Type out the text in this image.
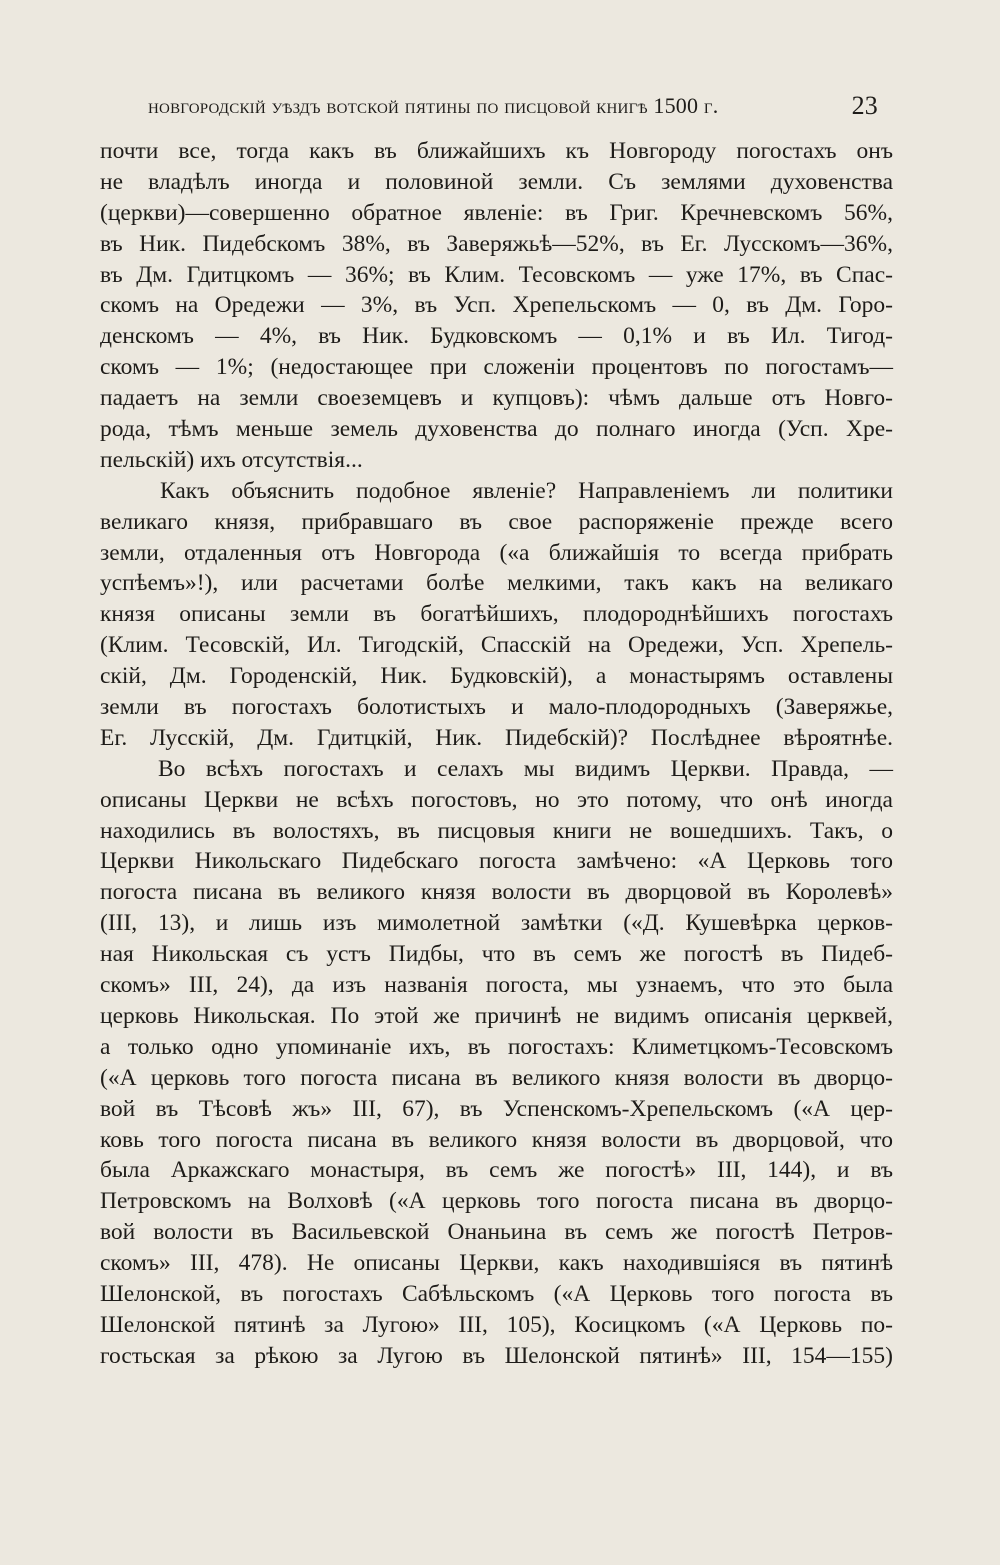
новгородскій уѣздъ вотской пятины по писцовой книгѣ 1500 г.	23

почти все, тогда какъ въ ближайшихъ къ Новгороду погостахъ онъ
не владѣлъ иногда и половиной земли. Съ землями духовенства
(церкви)—совершенно обратное явленіе: въ Григ. Кречневскомъ 56%,
въ Ник. Пидебскомъ 38%, въ Заверяжьѣ—52%, въ Ег. Лусскомъ—36%,
въ Дм. Гдитцкомъ — 36%; въ Клим. Тесовскомъ — уже 17%, въ Спас-
скомъ на Оредежи — 3%, въ Усп. Хрепельскомъ — 0, въ Дм. Горо-
денскомъ — 4%, въ Ник. Будковскомъ — 0,1% и въ Ил. Тигод-
скомъ — 1%; (недостающее при сложеніи процентовъ по погостамъ—
падаетъ на земли своеземцевъ и купцовъ): чѣмъ дальше отъ Новго-
рода, тѣмъ меньше земель духовенства до полнаго иногда (Усп. Хре-
пельскій) ихъ отсутствія...

Какъ объяснить подобное явленіе? Направленіемъ ли политики
великаго князя, прибравшаго въ свое распоряженіе прежде всего
земли, отдаленныя отъ Новгорода («а ближайшія то всегда прибрать
успѣемъ»!), или расчетами болѣе мелкими, такъ какъ на великаго
князя описаны земли въ богатѣйшихъ, плодороднѣйшихъ погостахъ
(Клим. Тесовскій, Ил. Тигодскій, Спасскій на Оредежи, Усп. Хрепель-
скій, Дм. Городенскій, Ник. Будковскій), а монастырямъ оставлены
земли въ погостахъ болотистыхъ и мало-плодородныхъ (Заверяжье,
Ег. Лусскій, Дм. Гдитцкій, Ник. Пидебскій)? Послѣднее вѣроятнѣе.

Во всѣхъ погостахъ и селахъ мы видимъ Церкви. Правда, —
описаны Церкви не всѣхъ погостовъ, но это потому, что онѣ иногда
находились въ волостяхъ, въ писцовыя книги не вошедшихъ. Такъ, о
Церкви Никольскаго Пидебскаго погоста замѣчено: «А Церковь того
погоста писана въ великого князя волости въ дворцовой въ Королевѣ»
(III, 13), и лишь изъ мимолетной замѣтки («Д. Кушевѣрка церков-
ная Никольская съ устъ Пидбы, что въ семъ же погостѣ въ Пидеб-
скомъ» III, 24), да изъ названія погоста, мы узнаемъ, что это была
церковь Никольская. По этой же причинѣ не видимъ описанія церквей,
а только одно упоминаніе ихъ, въ погостахъ: Климетцкомъ-Тесовскомъ
(«А церковь того погоста писана въ великого князя волости въ дворцо-
вой въ Тѣсовѣ жъ» III, 67), въ Успенскомъ-Хрепельскомъ («А цер-
ковь того погоста писана въ великого князя волости въ дворцовой, что
была Аркажскаго монастыря, въ семъ же погостѣ» III, 144), и въ
Петровскомъ на Волховѣ («А церковь того погоста писана въ дворцо-
вой волости въ Васильевской Онаньина въ семъ же погостѣ Петров-
скомъ» III, 478). Не описаны Церкви, какъ находившіяся въ пятинѣ
Шелонской, въ погостахъ Сабѣльскомъ («А Церковь того погоста въ
Шелонской пятинѣ за Лугою» III, 105), Косицкомъ («А Церковь по-
гостьская за рѣкою за Лугою въ Шелонской пятинѣ» III, 154—155)
